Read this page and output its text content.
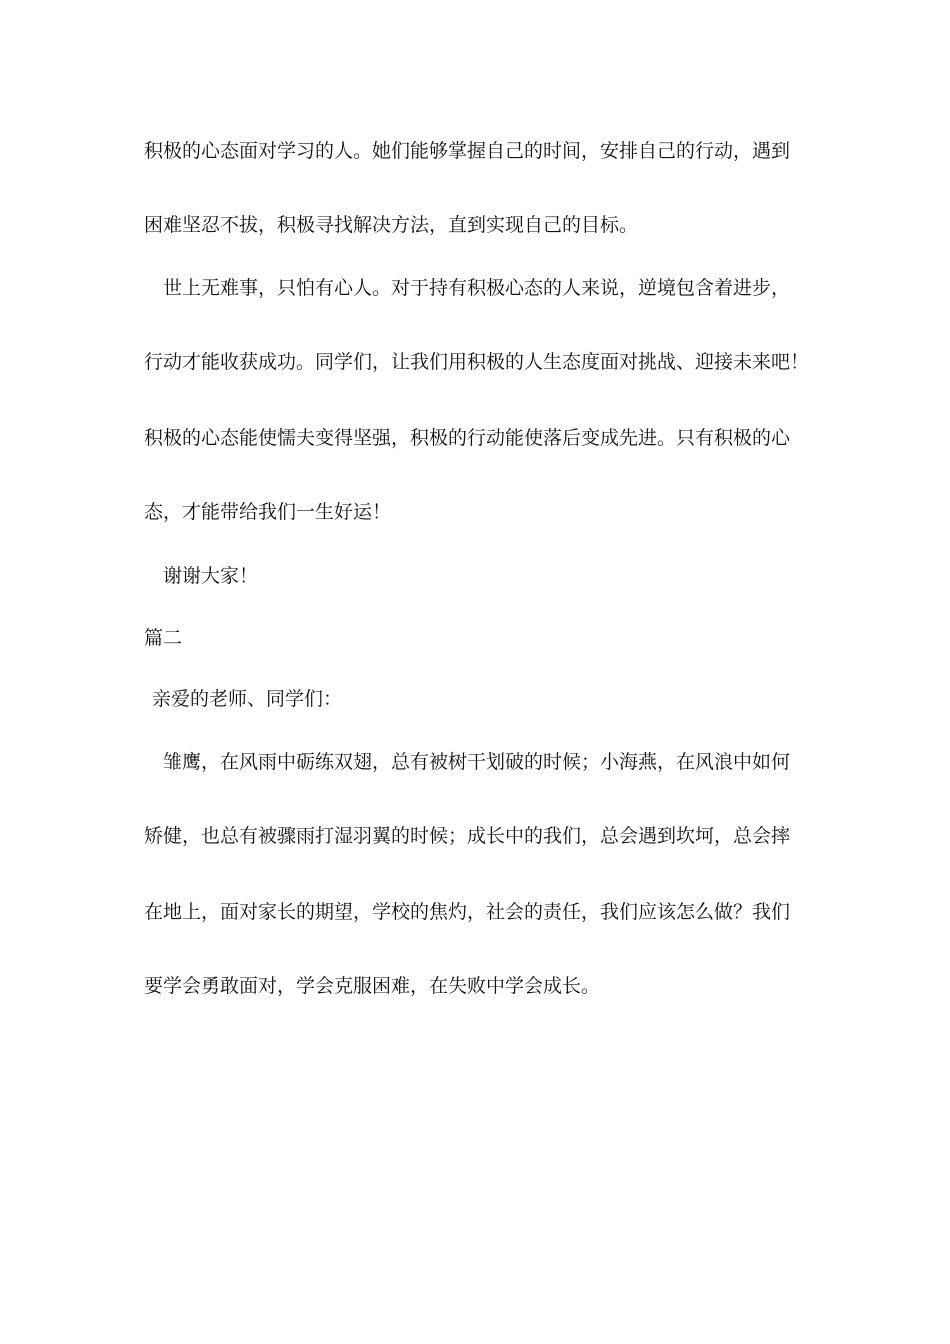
积极的心态面对学习的人。她们能够掌握自己的时间，安排自己的行动，遇到
困难坚忍不拔，积极寻找解决方法，直到实现自己的目标。
世上无难事，只怕有心人。对于持有积极心态的人来说，逆境包含着进步，
行动才能收获成功。同学们，让我们用积极的人生态度面对挑战、迎接未来吧！
积极的心态能使懦夫变得坚强，积极的行动能使落后变成先进。只有积极的心
态，才能带给我们一生好运！
谢谢大家！
篇二
亲爱的老师、同学们：
雏鹰，在风雨中砺练双翅，总有被树干划破的时候；小海燕，在风浪中如何
矫健，也总有被骤雨打湿羽翼的时候；成长中的我们，总会遇到坎坷，总会摔
在地上，面对家长的期望，学校的焦灼，社会的责任，我们应该怎么做？我们
要学会勇敢面对，学会克服困难，在失败中学会成长。
